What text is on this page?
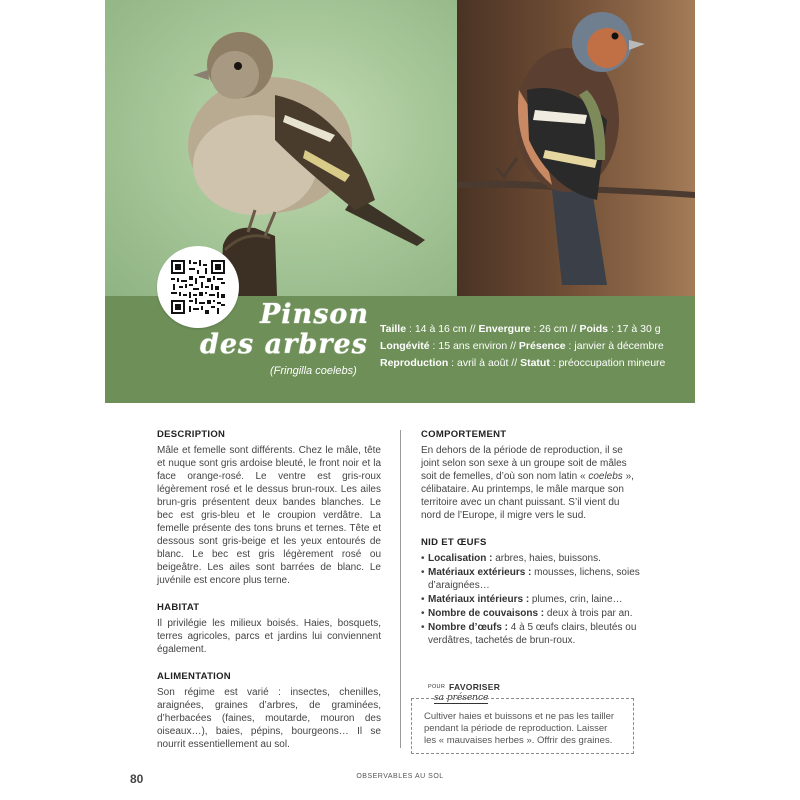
Pinson
des arbres
(Fringilla coelebs)
Taille : 14 à 16 cm // Envergure : 26 cm // Poids : 17 à 30 g
Longévité : 15 ans environ // Présence : janvier à décembre
Reproduction : avril à août // Statut : préoccupation mineure
DESCRIPTION
Mâle et femelle sont différents. Chez le mâle, tête et nuque sont gris ardoise bleuté, le front noir et la face orange-rosé. Le ventre est gris-roux légèrement rosé et le dessus brun-roux. Les ailes brun-gris présentent deux bandes blanches. Le bec est gris-bleu et le croupion verdâtre. La femelle présente des tons bruns et ternes. Tête et dessous sont gris-beige et les yeux entourés de blanc. Le bec est gris légèrement rosé ou beigeâtre. Les ailes sont barrées de blanc. Le juvénile est encore plus terne.
HABITAT
Il privilégie les milieux boisés. Haies, bosquets, terres agricoles, parcs et jardins lui conviennent également.
ALIMENTATION
Son régime est varié : insectes, chenilles, araignées, graines d’arbres, de graminées, d’herbacées (faines, moutarde, mouron des oiseaux…), baies, pépins, bourgeons… Il se nourrit essentiellement au sol.
COMPORTEMENT
En dehors de la période de reproduction, il se joint selon son sexe à un groupe soit de mâles soit de femelles, d’où son nom latin « coelebs », célibataire. Au printemps, le mâle marque son territoire avec un chant puissant. S’il vient du nord de l’Europe, il migre vers le sud.
NID ET ŒUFS
• Localisation : arbres, haies, buissons.
• Matériaux extérieurs : mousses, lichens, soies d’araignées…
• Matériaux intérieurs : plumes, crin, laine…
• Nombre de couvaisons : deux à trois par an.
• Nombre d’œufs : 4 à 5 œufs clairs, bleutés ou verdâtres, tachetés de brun-roux.
POUR FAVORISER
sa présence
Cultiver haies et buissons et ne pas les tailler pendant la période de reproduction. Laisser les « mauvaises herbes ». Offrir des graines.
80	OBSERVABLES AU SOL
